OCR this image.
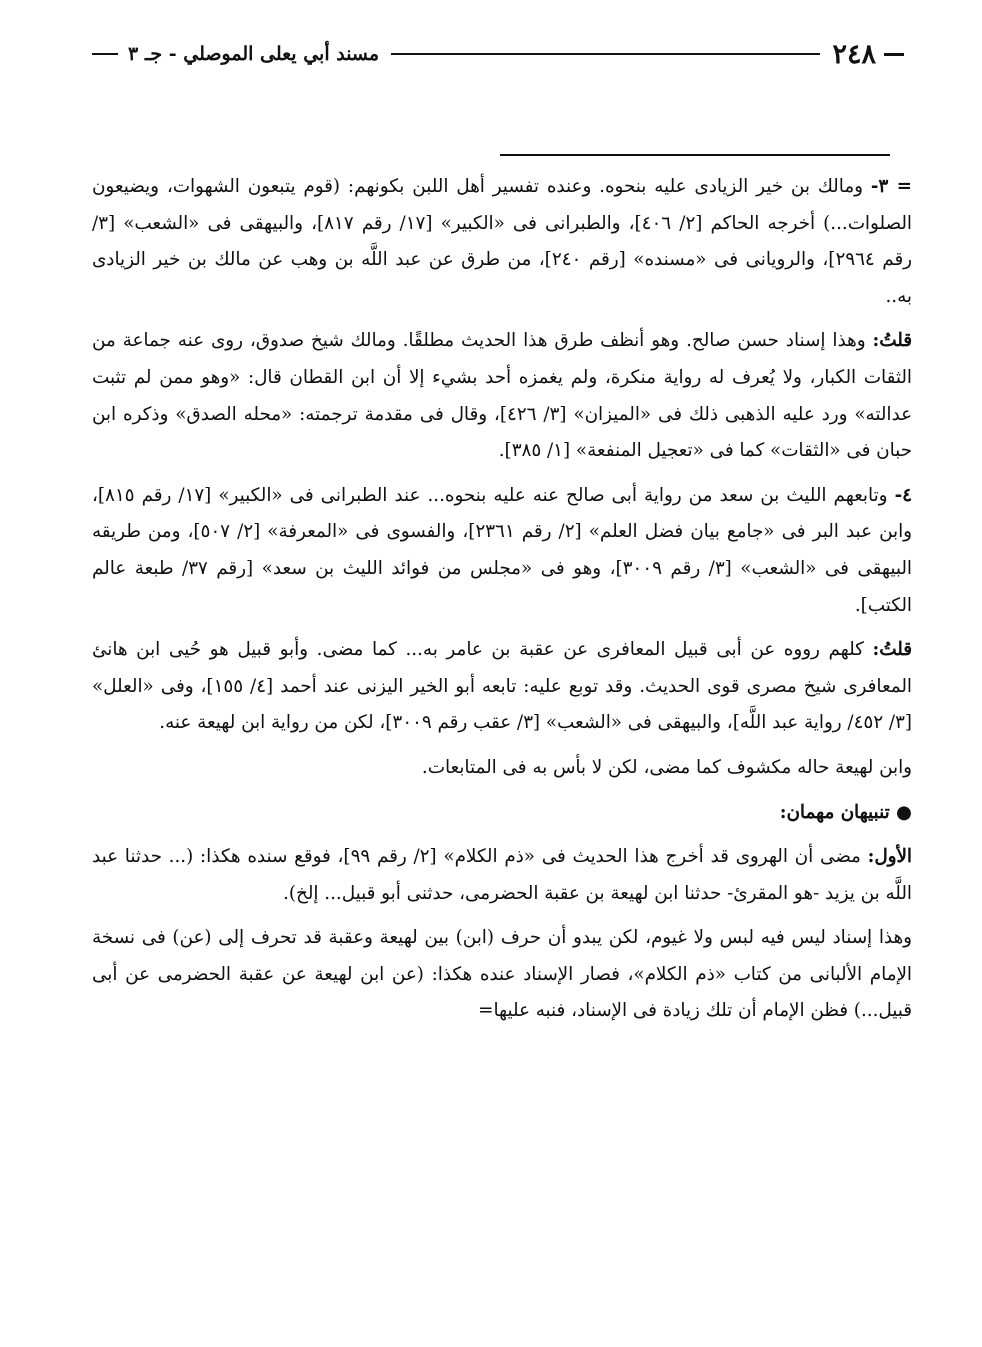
٢٤٨
مسند أبي يعلى الموصلي - جـ ٣

= ٣- ومالك بن خير الزيادى عليه بنحوه. وعنده تفسير أهل اللبن بكونهم: (قوم يتبعون الشهوات، ويضيعون الصلوات...) أخرجه الحاكم [٢/ ٤٠٦]، والطبرانى فى «الكبير» [١٧/ رقم ٨١٧]، والبيهقى فى «الشعب» [٣/ رقم ٢٩٦٤]، والرويانى فى «مسنده» [رقم ٢٤٠]، من طرق عن عبد اللَّه بن وهب عن مالك بن خير الزيادى به..

قلتُ: وهذا إسناد حسن صالح. وهو أنظف طرق هذا الحديث مطلقًا. ومالك شيخ صدوق، روى عنه جماعة من الثقات الكبار، ولا يُعرف له رواية منكرة، ولم يغمزه أحد بشيء إلا أن ابن القطان قال: «وهو ممن لم تثبت عدالته» ورد عليه الذهبى ذلك فى «الميزان» [٣/ ٤٢٦]، وقال فى مقدمة ترجمته: «محله الصدق» وذكره ابن حبان فى «الثقات» كما فى «تعجيل المنفعة» [١/ ٣٨٥].

٤- وتابعهم الليث بن سعد من رواية أبى صالح عنه عليه بنحوه... عند الطبرانى فى «الكبير» [١٧/ رقم ٨١٥]، وابن عبد البر فى «جامع بيان فضل العلم» [٢/ رقم ٢٣٦١]، والفسوى فى «المعرفة» [٢/ ٥٠٧]، ومن طريقه البيهقى فى «الشعب» [٣/ رقم ٣٠٠٩]، وهو فى «مجلس من فوائد الليث بن سعد» [رقم ٣٧/ طبعة عالم الكتب].

قلتُ: كلهم رووه عن أبى قبيل المعافرى عن عقبة بن عامر به... كما مضى. وأبو قبيل هو حُيى ابن هانئ المعافرى شيخ مصرى قوى الحديث. وقد توبع عليه: تابعه أبو الخير اليزنى عند أحمد [٤/ ١٥٥]، وفى «العلل» [٣/ ٤٥٢/ رواية عبد اللَّه]، والبيهقى فى «الشعب» [٣/ عقب رقم ٣٠٠٩]، لكن من رواية ابن لهيعة عنه.

وابن لهيعة حاله مكشوف كما مضى، لكن لا بأس به فى المتابعات.

● تنبيهان مهمان:

الأول: مضى أن الهروى قد أخرج هذا الحديث فى «ذم الكلام» [٢/ رقم ٩٩]، فوقع سنده هكذا: (... حدثنا عبد اللَّه بن يزيد -هو المقرئ- حدثنا ابن لهيعة بن عقبة الحضرمى، حدثنى أبو قبيل... إلخ).

وهذا إسناد ليس فيه لبس ولا غيوم، لكن يبدو أن حرف (ابن) بين لهيعة وعقبة قد تحرف إلى (عن) فى نسخة الإمام الألبانى من كتاب «ذم الكلام»، فصار الإسناد عنده هكذا: (عن ابن لهيعة عن عقبة الحضرمى عن أبى قبيل...) فظن الإمام أن تلك زيادة فى الإسناد، فنبه عليها=
